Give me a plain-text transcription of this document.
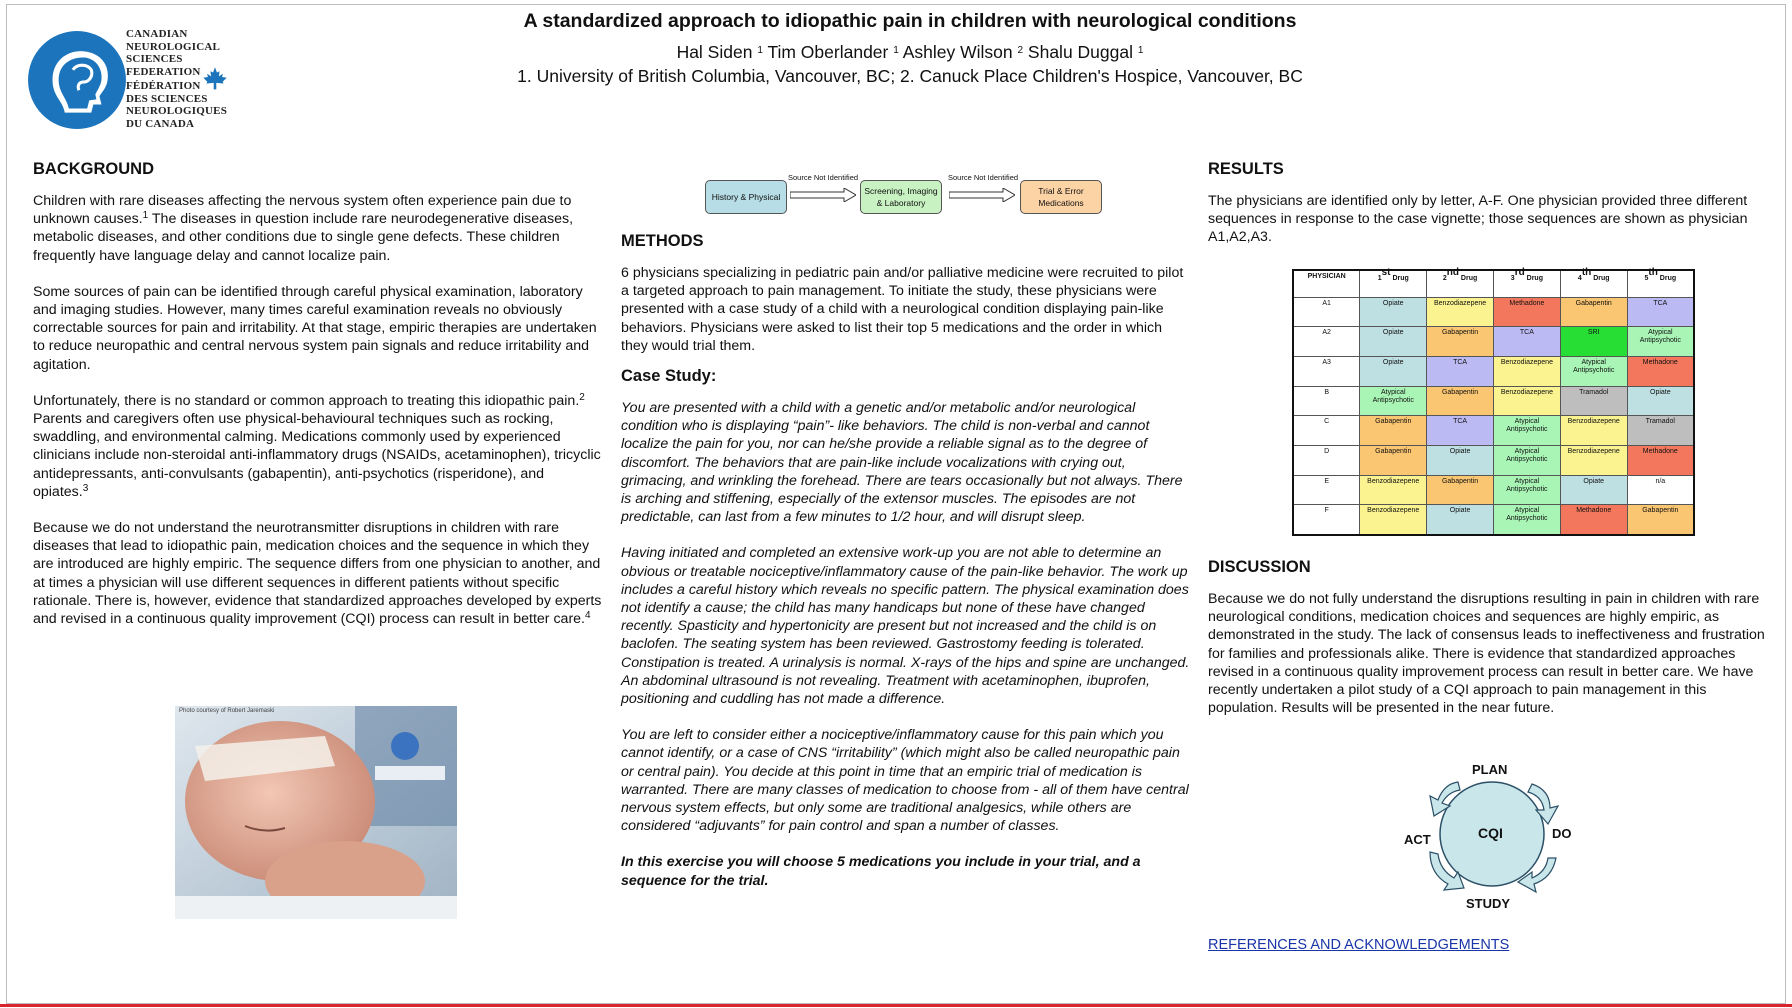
CANADIAN
NEUROLOGICAL
SCIENCES
FEDERATION
FÉDÉRATION
DES SCIENCES
NEUROLOGIQUES
DU CANADA
A standardized approach to idiopathic pain in children with neurological conditions
Hal Siden $^1$ Tim Oberlander $^1$ Ashley Wilson $^2$ Shalu Duggal $^1$
1. University of British Columbia, Vancouver, BC; 2. Canuck Place Children's Hospice, Vancouver, BC
BACKGROUND

Children with rare diseases affecting the nervous system often experience pain due to unknown causes.$^1$ The diseases in question include rare neurodegenerative diseases, metabolic diseases, and other conditions due to single gene defects. These children frequently have language delay and cannot localize pain.

Some sources of pain can be identified through careful physical examination, laboratory and imaging studies. However, many times careful examination reveals no obviously correctable sources for pain and irritability. At that stage, empiric therapies are undertaken to reduce neuropathic and central nervous system pain signals and reduce irritability and agitation.

Unfortunately, there is no standard or common approach to treating this idiopathic pain.$^2$ Parents and caregivers often use physical-behavioural techniques such as rocking, swaddling, and environmental calming. Medications commonly used by experienced clinicians include non-steroidal anti-inflammatory drugs (NSAIDs, acetaminophen), tricyclic antidepressants, anti-convulsants (gabapentin), anti-psychotics (risperidone), and opiates.$^3$

Because we do not understand the neurotransmitter disruptions in children with rare diseases that lead to idiopathic pain, medication choices and the sequence in which they are introduced are highly empiric. The sequence differs from one physician to another, and at times a physician will use different sequences in different patients without specific rationale. There is, however, evidence that standardized approaches developed by experts and revised in a continuous quality improvement (CQI) process can result in better care.$^4$

Photo courtesy of Robert Jaremaski
History & Physical
Source Not Identified
Screening, Imaging & Laboratory
Source Not Identified
Trial & Error Medications
METHODS

6 physicians specializing in pediatric pain and/or palliative medicine were recruited to pilot a targeted approach to pain management. To initiate the study, these physicians were presented with a case study of a child with a neurological condition displaying pain-like behaviors. Physicians were asked to list their top 5 medications and the order in which they would trial them.

Case Study:

You are presented with a child with a genetic and/or metabolic and/or neurological condition who is displaying “pain”- like behaviors. The child is non-verbal and cannot localize the pain for you, nor can he/she provide a reliable signal as to the degree of discomfort. The behaviors that are pain-like include vocalizations with crying out, grimacing, and wrinkling the forehead. There are tears occasionally but not always. There is arching and stiffening, especially of the extensor muscles. The episodes are not predictable, can last from a few minutes to 1/2 hour, and will disrupt sleep.

Having initiated and completed an extensive work-up you are not able to determine an obvious or treatable nociceptive/inflammatory cause of the pain-like behavior. The work up includes a careful history which reveals no specific pattern. The physical examination does not identify a cause; the child has many handicaps but none of these have changed recently. Spasticity and hypertonicity are present but not increased and the child is on baclofen. The seating system has been reviewed. Gastrostomy feeding is tolerated. Constipation is treated. A urinalysis is normal. X-rays of the hips and spine are unchanged. An abdominal ultrasound is not revealing. Treatment with acetaminophen, ibuprofen, positioning and cuddling has not made a difference.

You are left to consider either a nociceptive/inflammatory cause for this pain which you cannot identify, or a case of CNS “irritability” (which might also be called neuropathic pain or central pain). You decide at this point in time that an empiric trial of medication is warranted. There are many classes of medication to choose from - all of them have central nervous system effects, but only some are traditional analgesics, while others are considered “adjuvants” for pain control and span a number of classes.

In this exercise you will choose 5 medications you include in your trial, and a sequence for the trial.

RESULTS

The physicians are identified only by letter, A-F. One physician provided three different sequences in response to the case vignette; those sequences are shown as physician A1,A2,A3.

PHYSICIAN	1st Drug	2nd Drug	3rd Drug	4th Drug	5th Drug
A1	Opiate	Benzodiazepene	Methadone	Gabapentin	TCA
A2	Opiate	Gabapentin	TCA	SRI	Atypical Antipsychotic
A3	Opiate	TCA	Benzodiazepene	Atypical Antipsychotic	Methadone
B	Atypical Antipsychotic	Gabapentin	Benzodiazepene	Tramadol	Opiate
C	Gabapentin	TCA	Atypical Antipsychotic	Benzodiazepene	Tramadol
D	Gabapentin	Opiate	Atypical Antipsychotic	Benzodiazepene	Methadone
E	Benzodiazepene	Gabapentin	Atypical Antipsychotic	Opiate	n/a
F	Benzodiazepene	Opiate	Atypical Antipsychotic	Methadone	Gabapentin
DISCUSSION

Because we do not fully understand the disruptions resulting in pain in children with rare neurological conditions, medication choices and sequences are highly empiric, as demonstrated in the study. The lack of consensus leads to ineffectiveness and frustration for families and professionals alike. There is evidence that standardized approaches revised in a continuous quality improvement process can result in better care. We have recently undertaken a pilot study of a CQI approach to pain management in this population. Results will be presented in the near future.

CQI
PLAN
DO
STUDY
ACT
REFERENCES AND ACKNOWLEDGEMENTS
